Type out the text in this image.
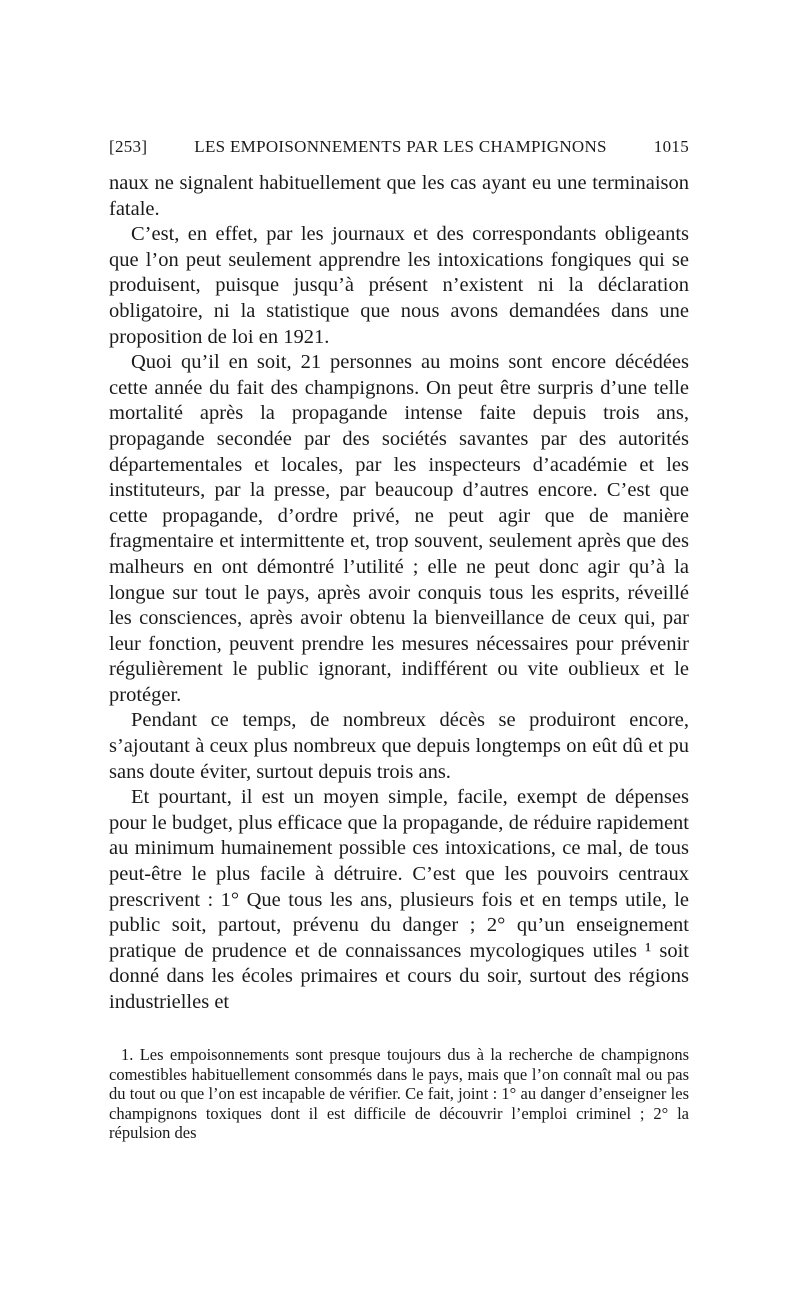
[253]	LES EMPOISONNEMENTS PAR LES CHAMPIGNONS	1015

naux ne signalent habituellement que les cas ayant eu une terminaison fatale.

C’est, en effet, par les journaux et des correspondants obligeants que l’on peut seulement apprendre les intoxications fongiques qui se produisent, puisque jusqu’à présent n’existent ni la déclaration obligatoire, ni la statistique que nous avons demandées dans une proposition de loi en 1921.

Quoi qu’il en soit, 21 personnes au moins sont encore décédées cette année du fait des champignons. On peut être surpris d’une telle mortalité après la propagande intense faite depuis trois ans, propagande secondée par des sociétés savantes par des autorités départementales et locales, par les inspecteurs d’académie et les instituteurs, par la presse, par beaucoup d’autres encore. C’est que cette propagande, d’ordre privé, ne peut agir que de manière fragmentaire et intermittente et, trop souvent, seulement après que des malheurs en ont démontré l’utilité ; elle ne peut donc agir qu’à la longue sur tout le pays, après avoir conquis tous les esprits, réveillé les consciences, après avoir obtenu la bienveillance de ceux qui, par leur fonction, peuvent prendre les mesures nécessaires pour prévenir régulièrement le public ignorant, indifférent ou vite oublieux et le protéger.

Pendant ce temps, de nombreux décès se produiront encore, s’ajoutant à ceux plus nombreux que depuis longtemps on eût dû et pu sans doute éviter, surtout depuis trois ans.

Et pourtant, il est un moyen simple, facile, exempt de dépenses pour le budget, plus efficace que la propagande, de réduire rapidement au minimum humainement possible ces intoxications, ce mal, de tous peut-être le plus facile à détruire. C’est que les pouvoirs centraux prescrivent : 1° Que tous les ans, plusieurs fois et en temps utile, le public soit, partout, prévenu du danger ; 2° qu’un enseignement pratique de prudence et de connaissances mycologiques utiles ¹ soit donné dans les écoles primaires et cours du soir, surtout des régions industrielles et

1. Les empoisonnements sont presque toujours dus à la recherche de champignons comestibles habituellement consommés dans le pays, mais que l’on connaît mal ou pas du tout ou que l’on est incapable de vérifier. Ce fait, joint : 1° au danger d’enseigner les champignons toxiques dont il est difficile de découvrir l’emploi criminel ; 2° la répulsion des
